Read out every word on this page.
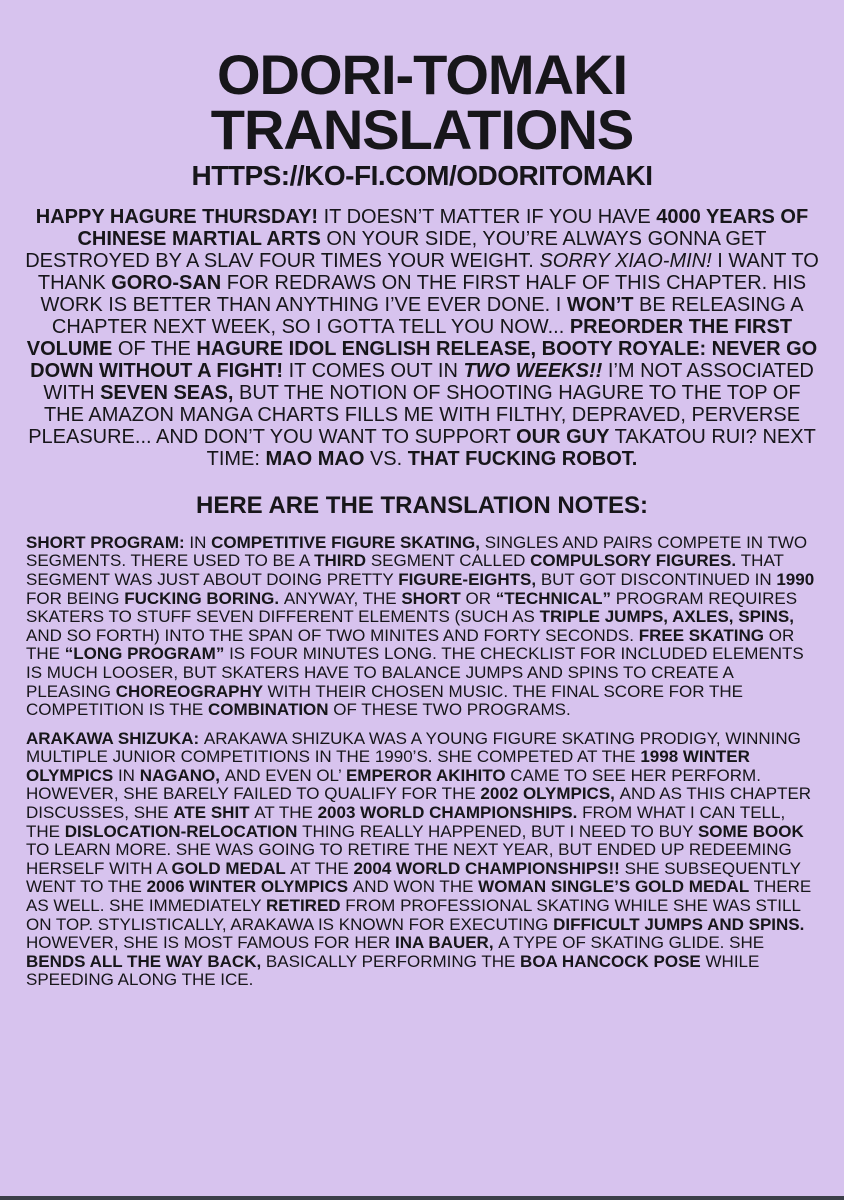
ODORI-TOMAKI
TRANSLATIONS
HTTPS://KO-FI.COM/ODORITOMAKI
HAPPY HAGURE THURSDAY! IT DOESN’T MATTER IF YOU HAVE 4000 YEARS OF CHINESE MARTIAL ARTS ON YOUR SIDE, YOU’RE ALWAYS GONNA GET DESTROYED BY A SLAV FOUR TIMES YOUR WEIGHT. SORRY XIAO-MIN! I WANT TO THANK GORO-SAN FOR REDRAWS ON THE FIRST HALF OF THIS CHAPTER. HIS WORK IS BETTER THAN ANYTHING I’VE EVER DONE. I WON’T BE RELEASING A CHAPTER NEXT WEEK, SO I GOTTA TELL YOU NOW... PREORDER THE FIRST VOLUME OF THE HAGURE IDOL ENGLISH RELEASE, BOOTY ROYALE: NEVER GO DOWN WITHOUT A FIGHT! IT COMES OUT IN TWO WEEKS!! I’M NOT ASSOCIATED WITH SEVEN SEAS, BUT THE NOTION OF SHOOTING HAGURE TO THE TOP OF THE AMAZON MANGA CHARTS FILLS ME WITH FILTHY, DEPRAVED, PERVERSE PLEASURE... AND DON’T YOU WANT TO SUPPORT OUR GUY TAKATOU RUI? NEXT TIME: MAO MAO VS. THAT FUCKING ROBOT.
HERE ARE THE TRANSLATION NOTES:
SHORT PROGRAM: IN COMPETITIVE FIGURE SKATING, SINGLES AND PAIRS COMPETE IN TWO SEGMENTS. THERE USED TO BE A THIRD SEGMENT CALLED COMPULSORY FIGURES. THAT SEGMENT WAS JUST ABOUT DOING PRETTY FIGURE-EIGHTS, BUT GOT DISCONTINUED IN 1990 FOR BEING FUCKING BORING. ANYWAY, THE SHORT OR “TECHNICAL” PROGRAM REQUIRES SKATERS TO STUFF SEVEN DIFFERENT ELEMENTS (SUCH AS TRIPLE JUMPS, AXLES, SPINS, AND SO FORTH) INTO THE SPAN OF TWO MINITES AND FORTY SECONDS. FREE SKATING OR THE “LONG PROGRAM” IS FOUR MINUTES LONG. THE CHECKLIST FOR INCLUDED ELEMENTS IS MUCH LOOSER, BUT SKATERS HAVE TO BALANCE JUMPS AND SPINS TO CREATE A PLEASING CHOREOGRAPHY WITH THEIR CHOSEN MUSIC. THE FINAL SCORE FOR THE COMPETITION IS THE COMBINATION OF THESE TWO PROGRAMS.
ARAKAWA SHIZUKA: ARAKAWA SHIZUKA WAS A YOUNG FIGURE SKATING PRODIGY, WINNING MULTIPLE JUNIOR COMPETITIONS IN THE 1990’S. SHE COMPETED AT THE 1998 WINTER OLYMPICS IN NAGANO, AND EVEN OL’ EMPEROR AKIHITO CAME TO SEE HER PERFORM. HOWEVER, SHE BARELY FAILED TO QUALIFY FOR THE 2002 OLYMPICS, AND AS THIS CHAPTER DISCUSSES, SHE ATE SHIT AT THE 2003 WORLD CHAMPIONSHIPS. FROM WHAT I CAN TELL, THE DISLOCATION-RELOCATION THING REALLY HAPPENED, BUT I NEED TO BUY SOME BOOK TO LEARN MORE. SHE WAS GOING TO RETIRE THE NEXT YEAR, BUT ENDED UP REDEEMING HERSELF WITH A GOLD MEDAL AT THE 2004 WORLD CHAMPIONSHIPS!! SHE SUBSEQUENTLY WENT TO THE 2006 WINTER OLYMPICS AND WON THE WOMAN SINGLE’S GOLD MEDAL THERE AS WELL. SHE IMMEDIATELY RETIRED FROM PROFESSIONAL SKATING WHILE SHE WAS STILL ON TOP. STYLISTICALLY, ARAKAWA IS KNOWN FOR EXECUTING DIFFICULT JUMPS AND SPINS. HOWEVER, SHE IS MOST FAMOUS FOR HER INA BAUER, A TYPE OF SKATING GLIDE. SHE BENDS ALL THE WAY BACK, BASICALLY PERFORMING THE BOA HANCOCK POSE WHILE SPEEDING ALONG THE ICE.
